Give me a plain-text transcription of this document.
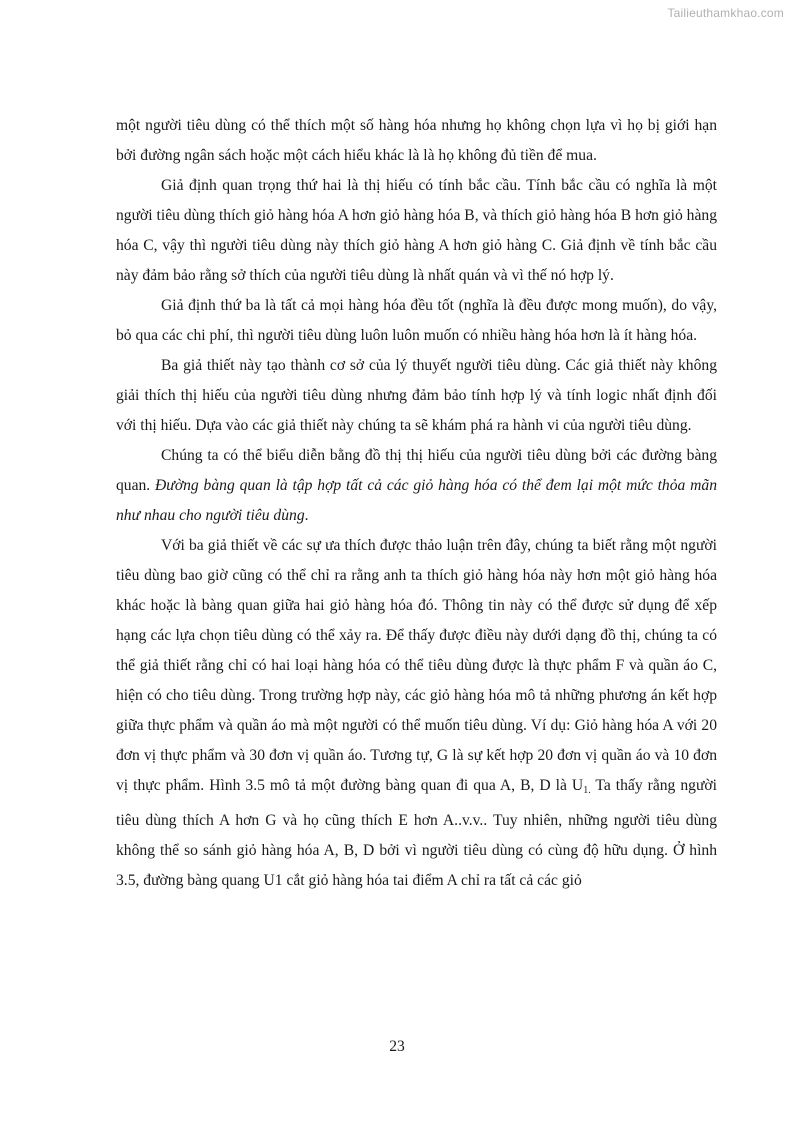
Tailieuthamkhao.com

một người tiêu dùng có thể thích một số hàng hóa nhưng họ không chọn lựa vì họ bị giới hạn bởi đường ngân sách hoặc một cách hiểu khác là là họ không đủ tiền để mua.

Giả định quan trọng thứ hai là thị hiếu có tính bắc cầu. Tính bắc cầu có nghĩa là một người tiêu dùng thích giỏ hàng hóa A hơn giỏ hàng hóa B, và thích giỏ hàng hóa B hơn giỏ hàng hóa C, vậy thì người tiêu dùng này thích giỏ hàng A hơn giỏ hàng C. Giả định về tính bắc cầu này đảm bảo rằng sở thích của người tiêu dùng là nhất quán và vì thế nó hợp lý.

Giả định thứ ba là tất cả mọi hàng hóa đều tốt (nghĩa là đều được mong muốn), do vậy, bỏ qua các chi phí, thì người tiêu dùng luôn luôn muốn có nhiều hàng hóa hơn là ít hàng hóa.

Ba giả thiết này tạo thành cơ sở của lý thuyết người tiêu dùng. Các giả thiết này không giải thích thị hiếu của người tiêu dùng nhưng đảm bảo tính hợp lý và tính logic nhất định đối với thị hiếu. Dựa vào các giả thiết này chúng ta sẽ khám phá ra hành vi của người tiêu dùng.

Chúng ta có thể biểu diễn bằng đồ thị thị hiếu của người tiêu dùng bởi các đường bàng quan. Đường bàng quan là tập hợp tất cả các giỏ hàng hóa có thể đem lại một mức thỏa mãn như nhau cho người tiêu dùng.

Với ba giả thiết về các sự ưa thích được thảo luận trên đây, chúng ta biết rằng một người tiêu dùng bao giờ cũng có thể chỉ ra rằng anh ta thích giỏ hàng hóa này hơn một giỏ hàng hóa khác hoặc là bàng quan giữa hai giỏ hàng hóa đó. Thông tin này có thể được sử dụng để xếp hạng các lựa chọn tiêu dùng có thể xảy ra. Để thấy được điều này dưới dạng đồ thị, chúng ta có thể giả thiết rằng chỉ có hai loại hàng hóa có thể tiêu dùng được là thực phẩm F và quần áo C, hiện có cho tiêu dùng. Trong trường hợp này, các giỏ hàng hóa mô tả những phương án kết hợp giữa thực phẩm và quần áo mà một người có thể muốn tiêu dùng. Ví dụ: Giỏ hàng hóa A với 20 đơn vị thực phẩm và 30 đơn vị quần áo. Tương tự, G là sự kết hợp 20 đơn vị quần áo và 10 đơn vị thực phẩm. Hình 3.5 mô tả một đường bàng quan đi qua A, B, D là $U_{1.}$ Ta thấy rằng người tiêu dùng thích A hơn G và họ cũng thích E hơn A..v.v.. Tuy nhiên, những người tiêu dùng không thể so sánh giỏ hàng hóa A, B, D bởi vì người tiêu dùng có cùng độ hữu dụng. Ở hình 3.5, đường bàng quang U1 cắt giỏ hàng hóa tai điểm A chỉ ra tất cả các giỏ

23
